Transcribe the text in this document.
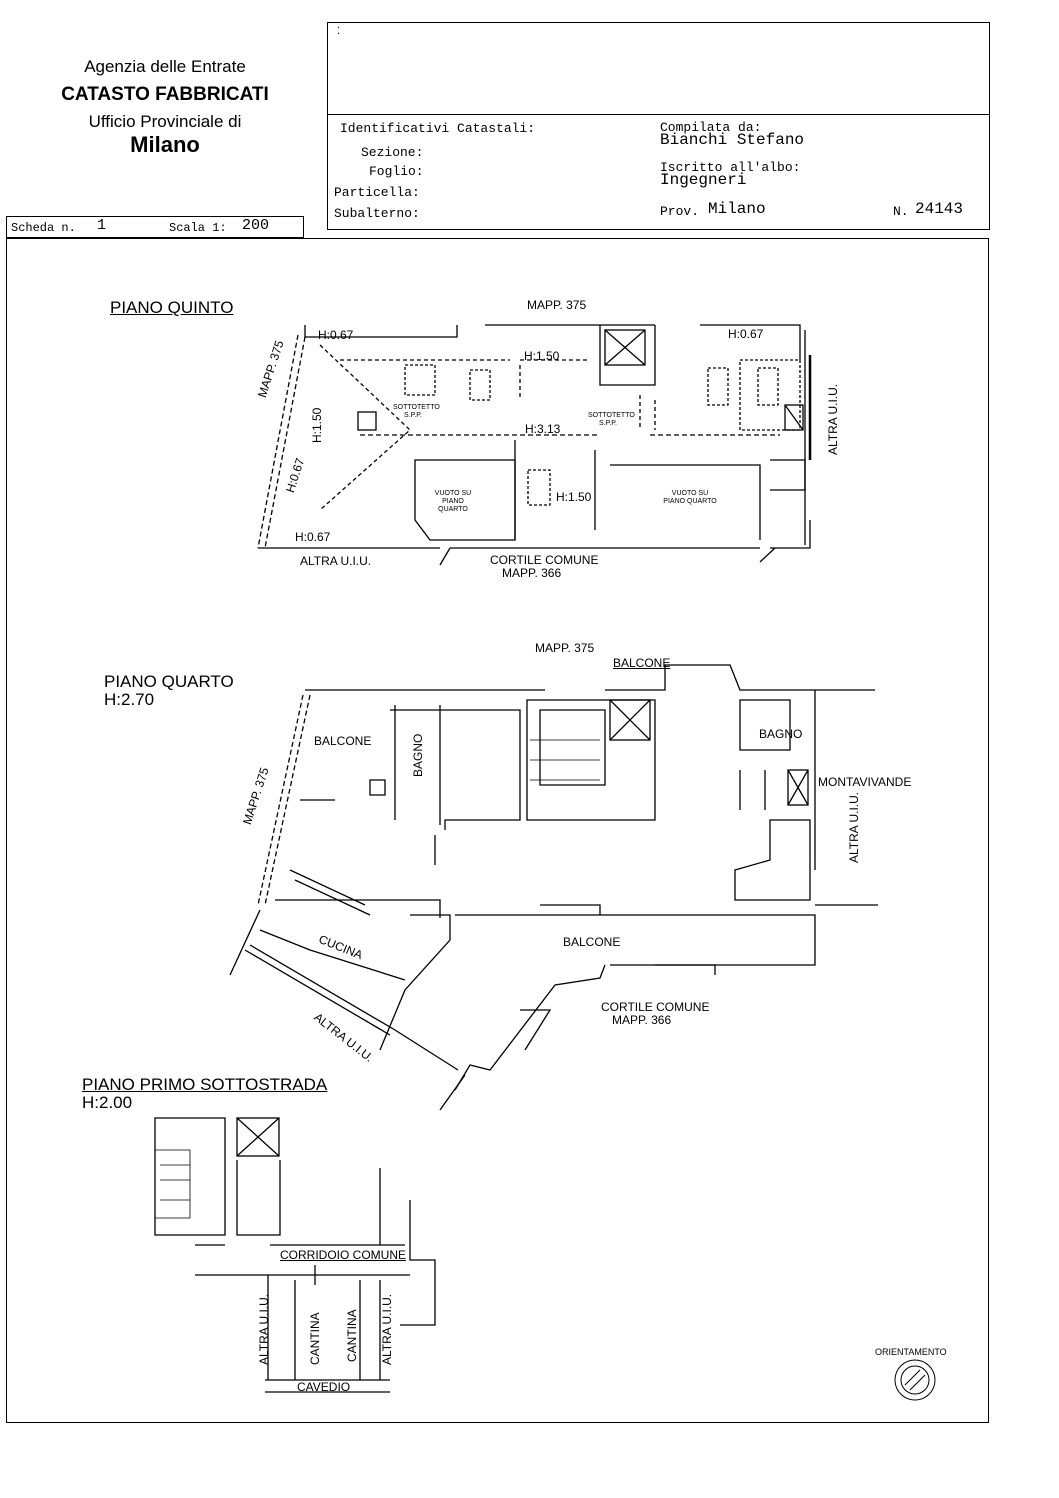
Agenzia delle Entrate
CATASTO FABBRICATI
Ufficio Provinciale di
Milano
⁚
Identificativi Catastali:
Sezione:
Foglio:
Particella:
Subalterno:
Compilata da:
Bianchi Stefano
Iscritto all'albo:
Ingegneri
Prov. Milano	N. 24143
Scheda n. 1	Scala 1: 200
PIANO QUINTO	MAPP. 375
MAPP. 375
H:0.67	H:0.67
H:0.67
H:0.67
H:1.50
H:1.50
H:1.50
H:3.13
SOTTOTETTO S.P.P.	SOTTOTETTO S.P.P.
VUOTO SU PIANO QUARTO
VUOTO SU PIANO QUARTO
ALTRA U.I.U.
ALTRA U.I.U.	CORTILE COMUNE
MAPP. 366
PIANO QUARTO
H:2.70
MAPP. 375
BALCONE
MAPP. 375
BALCONE	BAGNO	BAGNO
MONTAVIVANDE
ALTRA U.I.U.
CUCINA	BALCONE
CORTILE COMUNE
MAPP. 366
ALTRA U.I.U.
PIANO PRIMO SOTTOSTRADA
H:2.00
CORRIDOIO COMUNE
ALTRA U.I.U.	CANTINA CANTINA ALTRA U.I.U.
CAVEDIO
ORIENTAMENTO
